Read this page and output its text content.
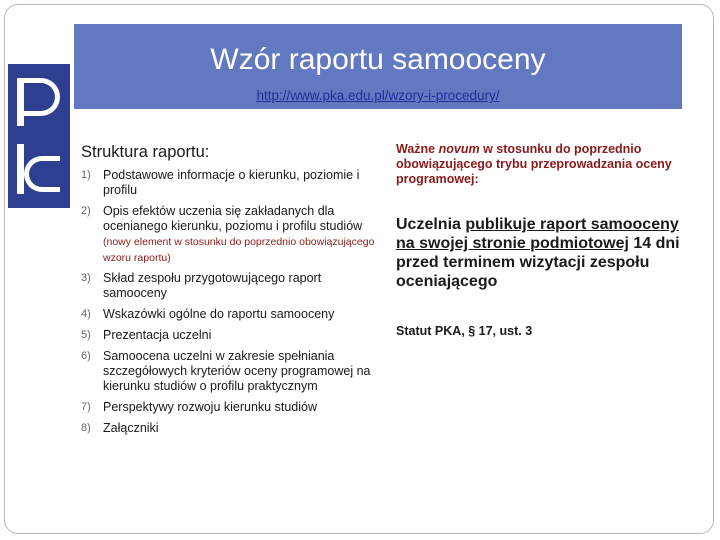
Wzór raportu samooceny
http://www.pka.edu.pl/wzory-i-procedury/
Struktura raportu:
1) Podstawowe informacje o kierunku, poziomie i profilu
2) Opis efektów uczenia się zakładanych dla ocenianego kierunku, poziomu i profilu studiów (nowy element w stosunku do poprzednio obowiązującego wzoru raportu)
3) Skład zespołu przygotowującego raport samooceny
4) Wskazówki ogólne do raportu samooceny
5) Prezentacja uczelni
6) Samoocena uczelni w zakresie spełniania szczegółowych kryteriów oceny programowej na kierunku studiów o profilu praktycznym
7) Perspektywy rozwoju kierunku studiów
8) Załączniki
Ważne novum w stosunku do poprzednio obowiązującego trybu przeprowadzania oceny programowej:
Uczelnia publikuje raport samooceny na swojej stronie podmiotowej 14 dni przed terminem wizytacji zespołu oceniającego
Statut PKA, § 17, ust. 3
